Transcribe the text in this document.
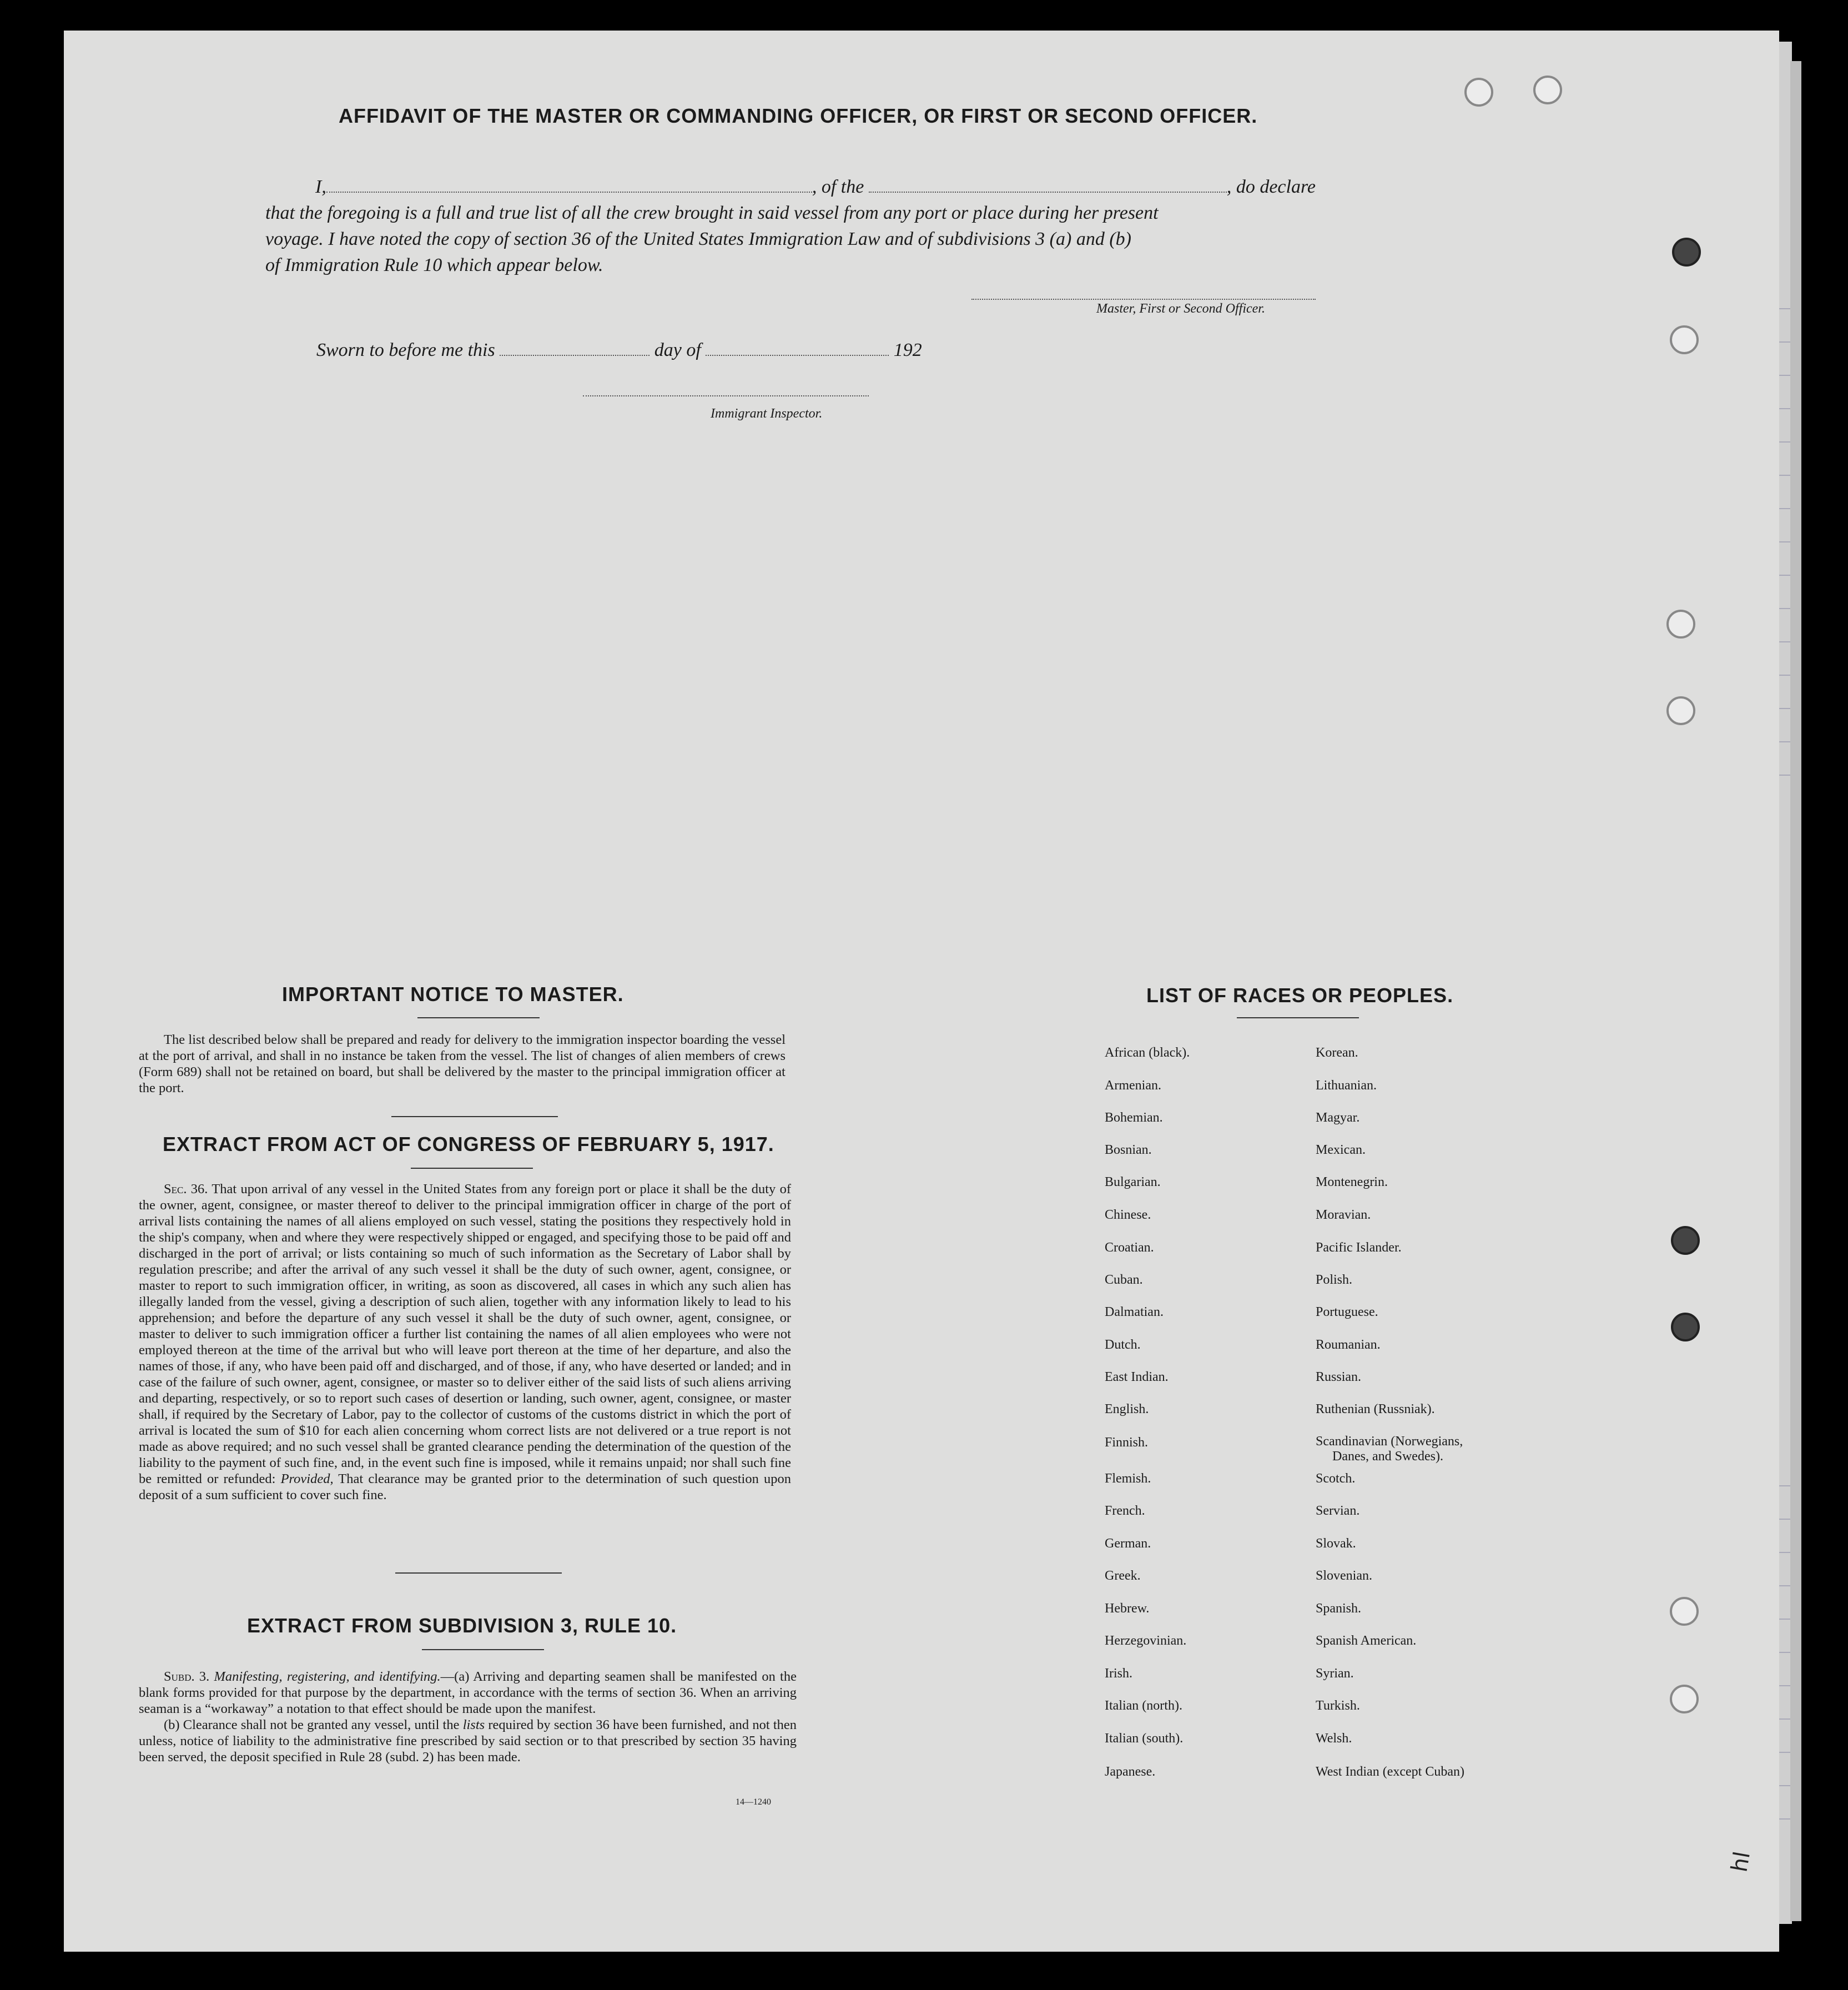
AFFIDAVIT OF THE MASTER OR COMMANDING OFFICER, OR FIRST OR SECOND OFFICER.
I,	, of the	, do declare
that the foregoing is a full and true list of all the crew brought in said vessel from any port or place during her present
voyage. I have noted the copy of section 36 of the United States Immigration Law and of subdivisions 3 (a) and (b)
of Immigration Rule 10 which appear below.
Master, First or Second Officer.
Sworn to before me this	day of	192
Immigrant Inspector.
IMPORTANT NOTICE TO MASTER.

The list described below shall be prepared and ready for delivery to the immigration inspector boarding the vessel at the port of arrival, and shall in no instance be taken from the vessel. The list of changes of alien members of crews (Form 689) shall not be retained on board, but shall be delivered by the master to the principal immigration officer at the port.

EXTRACT FROM ACT OF CONGRESS OF FEBRUARY 5, 1917.

Sec. 36. That upon arrival of any vessel in the United States from any foreign port or place it shall be the duty of the owner, agent, consignee, or master thereof to deliver to the principal immigration officer in charge of the port of arrival lists containing the names of all aliens employed on such vessel, stating the positions they respectively hold in the ship's company, when and where they were respectively shipped or engaged, and specifying those to be paid off and discharged in the port of arrival; or lists containing so much of such information as the Secretary of Labor shall by regulation prescribe; and after the arrival of any such vessel it shall be the duty of such owner, agent, consignee, or master to report to such immigration officer, in writing, as soon as discovered, all cases in which any such alien has illegally landed from the vessel, giving a description of such alien, together with any information likely to lead to his apprehension; and before the departure of any such vessel it shall be the duty of such owner, agent, consignee, or master to deliver to such immigration officer a further list containing the names of all alien employees who were not employed thereon at the time of the arrival but who will leave port thereon at the time of her departure, and also the names of those, if any, who have been paid off and discharged, and of those, if any, who have deserted or landed; and in case of the failure of such owner, agent, consignee, or master so to deliver either of the said lists of such aliens arriving and departing, respectively, or so to report such cases of desertion or landing, such owner, agent, consignee, or master shall, if required by the Secretary of Labor, pay to the collector of customs of the customs district in which the port of arrival is located the sum of $10 for each alien concerning whom correct lists are not delivered or a true report is not made as above required; and no such vessel shall be granted clearance pending the determination of the question of the liability to the payment of such fine, and, in the event such fine is imposed, while it remains unpaid; nor shall such fine be remitted or refunded: Provided, That clearance may be granted prior to the determination of such question upon deposit of a sum sufficient to cover such fine.

EXTRACT FROM SUBDIVISION 3, RULE 10.

Subd. 3. Manifesting, registering, and identifying.—(a) Arriving and departing seamen shall be manifested on the blank forms provided for that purpose by the department, in accordance with the terms of section 36. When an arriving seaman is a “workaway” a notation to that effect should be made upon the manifest.

(b) Clearance shall not be granted any vessel, until the lists required by section 36 have been furnished, and not then unless, notice of liability to the administrative fine prescribed by said section or to that prescribed by section 35 having been served, the deposit specified in Rule 28 (subd. 2) has been made.

14—1240
LIST OF RACES OR PEOPLES.
Danes, and Swedes).
hl
African (black).
Armenian.
Bohemian.
Bosnian.
Bulgarian.
Chinese.
Croatian.
Cuban.
Dalmatian.
Dutch.
East Indian.
English.
Finnish.
Flemish.
French.
German.
Greek.
Hebrew.
Herzegovinian.
Irish.
Italian (north).
Italian (south).
Japanese.
Korean.
Lithuanian.
Magyar.
Mexican.
Montenegrin.
Moravian.
Pacific Islander.
Polish.
Portuguese.
Roumanian.
Russian.
Ruthenian (Russniak).
Scandinavian (Norwegians,
Scotch.
Servian.
Slovak.
Slovenian.
Spanish.
Spanish American.
Syrian.
Turkish.
Welsh.
West Indian (except Cuban)
